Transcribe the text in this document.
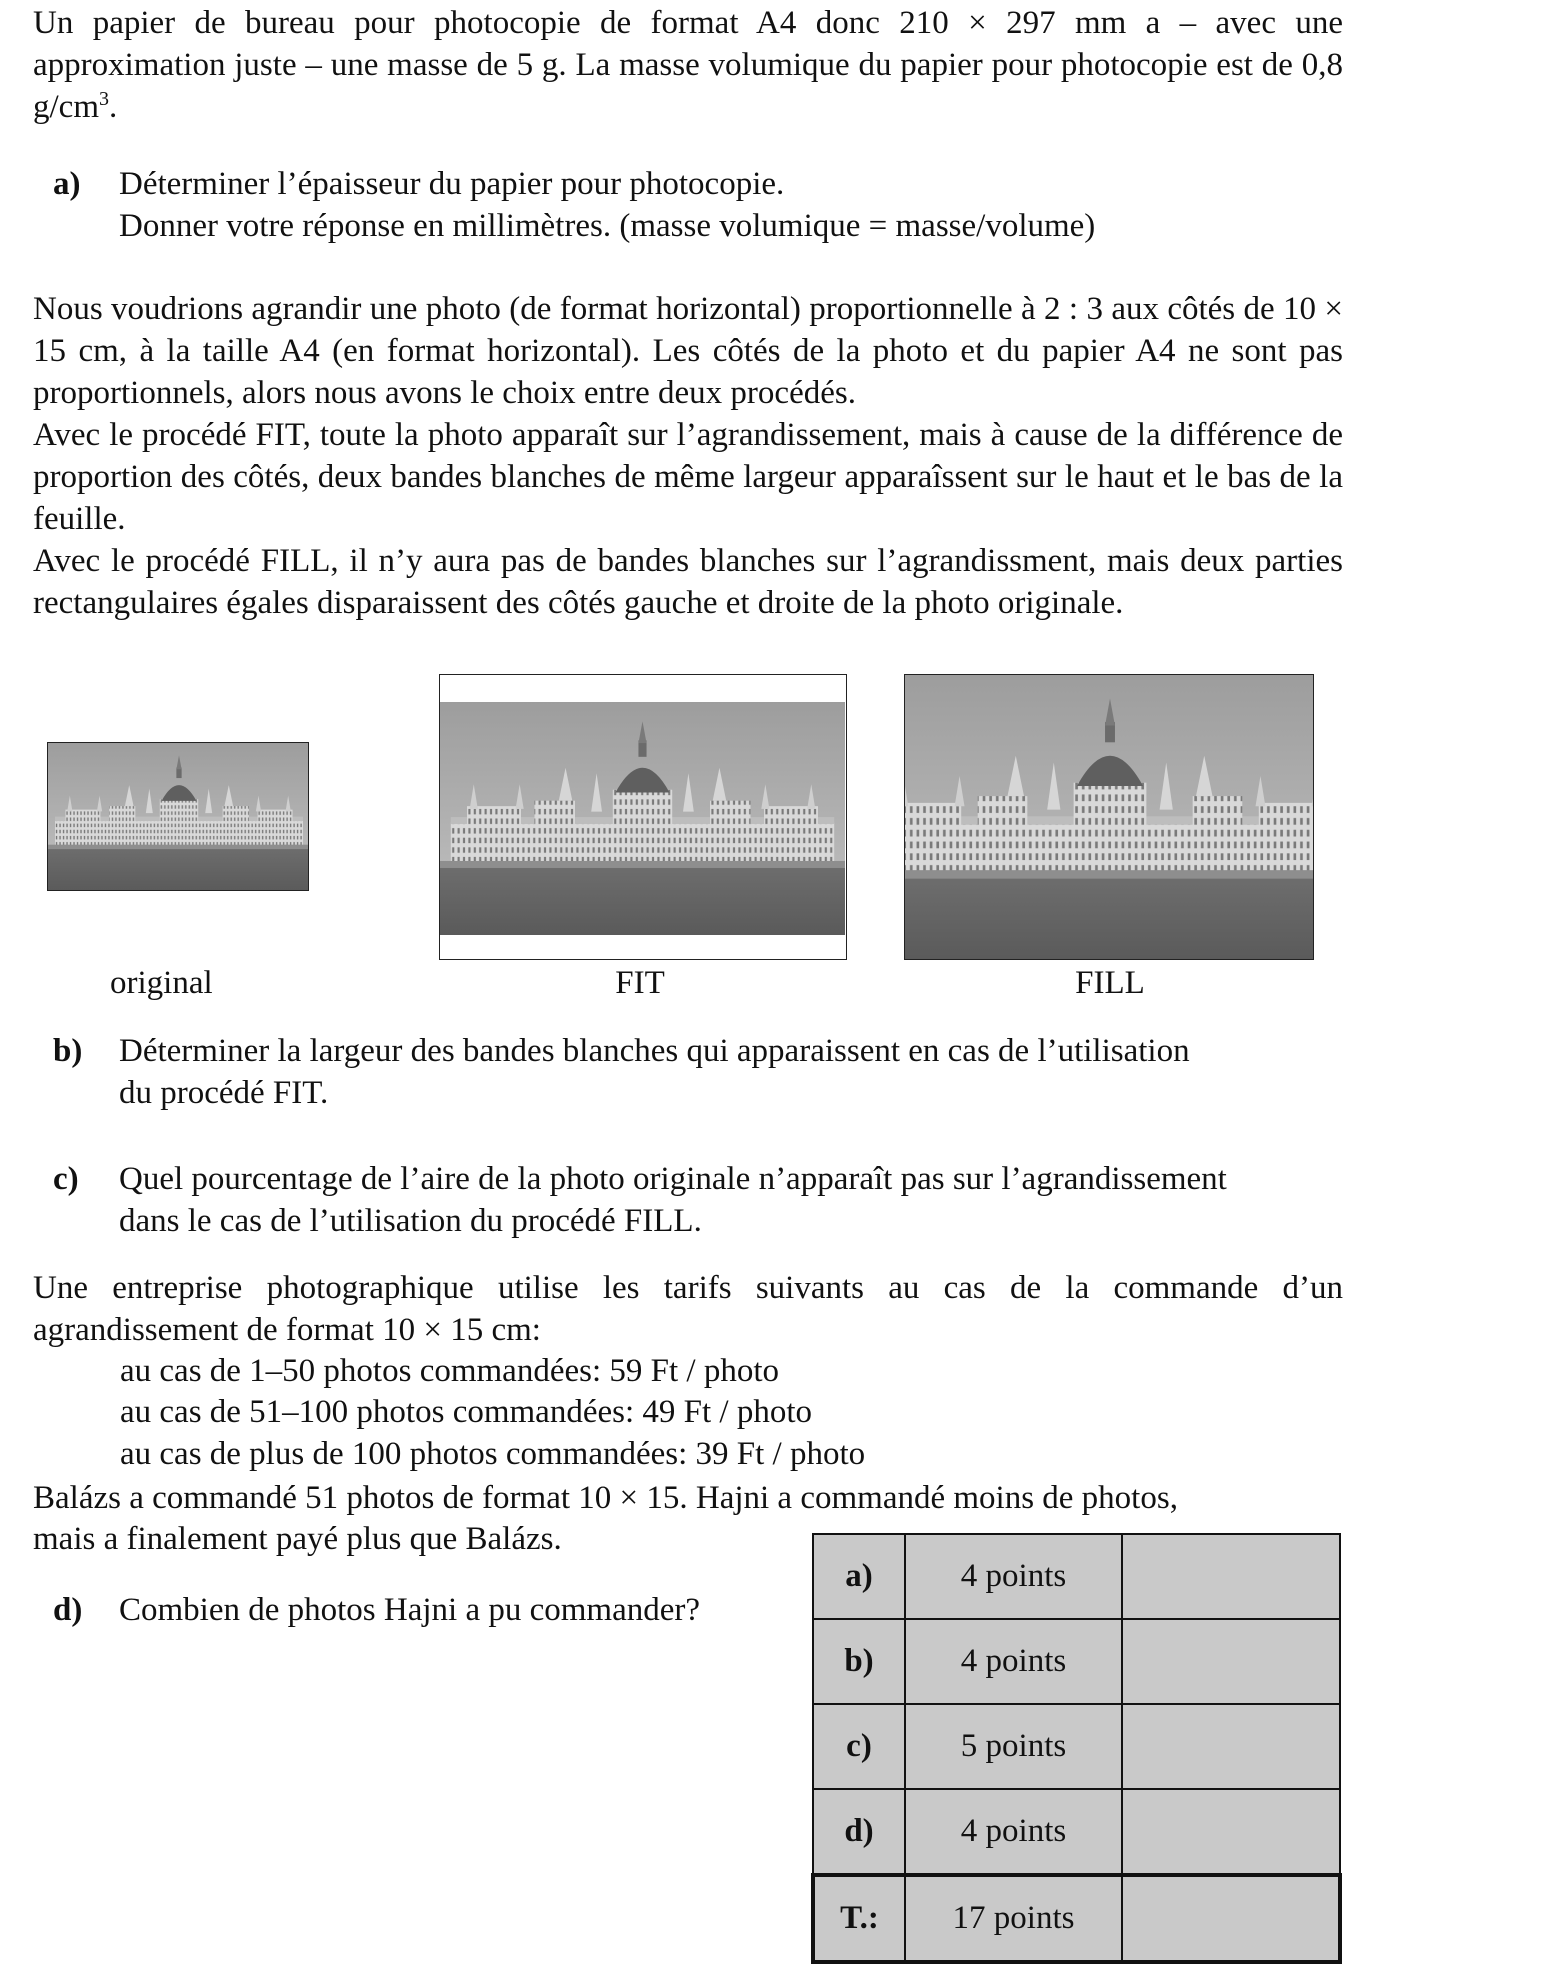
Un papier de bureau pour photocopie de format A4 donc 210 × 297 mm a – avec une approximation juste – une masse de 5 g. La masse volumique du papier pour photocopie est de 0,8 $g/cm^3$.

a) Déterminer l’épaisseur du papier pour photocopie.
Donner votre réponse en millimètres. (masse volumique = masse/volume)
Nous voudrions agrandir une photo (de format horizontal) proportionnelle à 2 : 3 aux côtés de 10 × 15 cm, à la taille A4 (en format horizontal). Les côtés de la photo et du papier A4 ne sont pas proportionnels, alors nous avons le choix entre deux procédés.
Avec le procédé FIT, toute la photo apparaît sur l’agrandissement, mais à cause de la différence de proportion des côtés, deux bandes blanches de même largeur apparaîssent sur le haut et le bas de la feuille.
Avec le procédé FILL, il n’y aura pas de bandes blanches sur l’agrandissment, mais deux parties rectangulaires égales disparaissent des côtés gauche et droite de la photo originale.
original	FIT	FILL
b) Déterminer la largeur des bandes blanches qui apparaissent en cas de l’utilisation
du procédé FIT.
c) Quel pourcentage de l’aire de la photo originale n’apparaît pas sur l’agrandissement
dans le cas de l’utilisation du procédé FILL.

Une entreprise photographique utilise les tarifs suivants au cas de la commande d’un agrandissement de format 10 × 15 cm:

au cas de 1–50 photos commandées: 59 Ft / photo
au cas de 51–100 photos commandées: 49 Ft / photo
au cas de plus de 100 photos commandées: 39 Ft / photo
Balázs a commandé 51 photos de format 10 × 15. Hajni a commandé moins de photos,
mais a finalement payé plus que Balázs.
d) Combien de photos Hajni a pu commander?
a)	4 points	
b)	4 points	
c)	5 points	
d)	4 points	
T.:	17 points	
